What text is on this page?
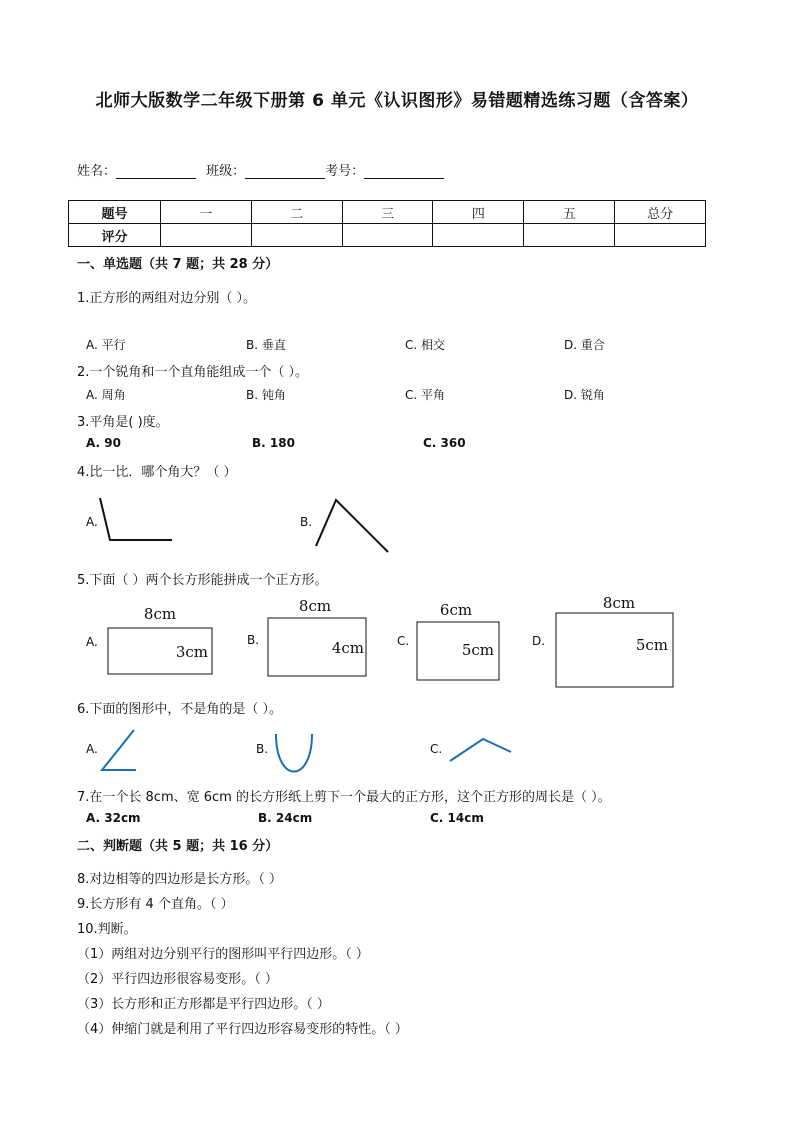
北师大版数学二年级下册第 6 单元《认识图形》易错题精选练习题（含答案）
姓名：	班级：	考号：
题号	一	二	三	四	五	总分
评分						
一、单选题（共 7 题；共 28 分）
1.正方形的两组对边分别（ ）。
A. 平行	B. 垂直	C. 相交	D. 重合
2.一个锐角和一个直角能组成一个（ ）。
A. 周角	B. 钝角	C. 平角	D. 锐角
3.平角是( )度。
A. 90	B. 180	C. 360
4.比一比．哪个角大？（ ）
A.	B.
5.下面（ ）两个长方形能拼成一个正方形。
A.
8cm
3cm
B.
8cm
4cm	C.
6cm
5cm	D.
8cm
5cm
6.下面的图形中，不是角的是（ ）。
A.	B.	C.
7.在一个长 8cm、宽 6cm 的长方形纸上剪下一个最大的正方形，这个正方形的周长是（ ）。
A. 32cm	B. 24cm	C. 14cm
二、判断题（共 5 题；共 16 分）
8.对边相等的四边形是长方形。（ ）
9.长方形有 4 个直角。（ ）
10.判断。
（1）两组对边分别平行的图形叫平行四边形。（ ）
（2）平行四边形很容易变形。（ ）
（3）长方形和正方形都是平行四边形。（ ）
（4）伸缩门就是利用了平行四边形容易变形的特性。（ ）
